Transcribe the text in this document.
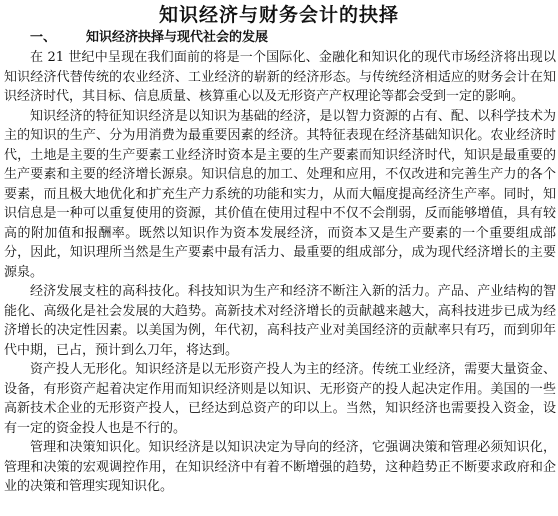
知识经济与财务会计的抉择
一、 知识经济抉择与现代社会的发展

在 21 世纪中呈现在我们面前的将是一个国际化、金融化和知识化的现代市场经济将出现以知识经济代替传统的农业经济、工业经济的崭新的经济形态。与传统经济相适应的财务会计在知识经济时代，其目标、信息质量、核算重心以及无形资产产权理论等都会受到一定的影响。

知识经济的特征知识经济是以知识为基础的经济，是以智力资源的占有、配、以科学技术为主的知识的生产、分为用消费为最重要因素的经济。其特征表现在经济基础知识化。农业经济时代，土地是主要的生产要素工业经济时资本是主要的生产要素而知识经济时代，知识是最重要的生产要素和主要的经济增长源泉。知识信息的加工、处理和应用，不仅改进和完善生产力的各个要素，而且极大地优化和扩充生产力系统的功能和实力，从而大幅度提高经济生产率。同时，知识信息是一种可以重复使用的资源，其价值在使用过程中不仅不会削弱，反而能够增值，具有较高的附加值和报酬率。既然以知识作为资本发展经济，而资本又是生产要素的一个重要组成部分，因此，知识理所当然是生产要素中最有活力、最重要的组成部分，成为现代经济增长的主要源泉。

经济发展支柱的高科技化。科技知识为生产和经济不断注入新的活力。产品、产业结构的智能化、高级化是社会发展的大趋势。高新技术对经济增长的贡献越来越大，高科技进步已成为经济增长的决定性因素。以美国为例，年代初，高科技产业对美国经济的贡献率只有巧，而到卯年代中期，已占，预计到么刀年，将达到。

资产投人无形化。知识经济是以无形资产投人为主的经济。传统工业经济，需要大量资金、设备，有形资产起着决定作用而知识经济则是以知识、无形资产的投人起决定作用。美国的一些高新技术企业的无形资产投人，已经达到总资产的印以上。当然，知识经济也需要投入资金，设有一定的资金投人也是不行的。

管理和决策知识化。知识经济是以知识决定为导向的经济，它强调决策和管理必须知识化，管理和决策的宏观调控作用，在知识经济中有着不断增强的趋势，这种趋势正不断要求政府和企业的决策和管理实现知识化。
